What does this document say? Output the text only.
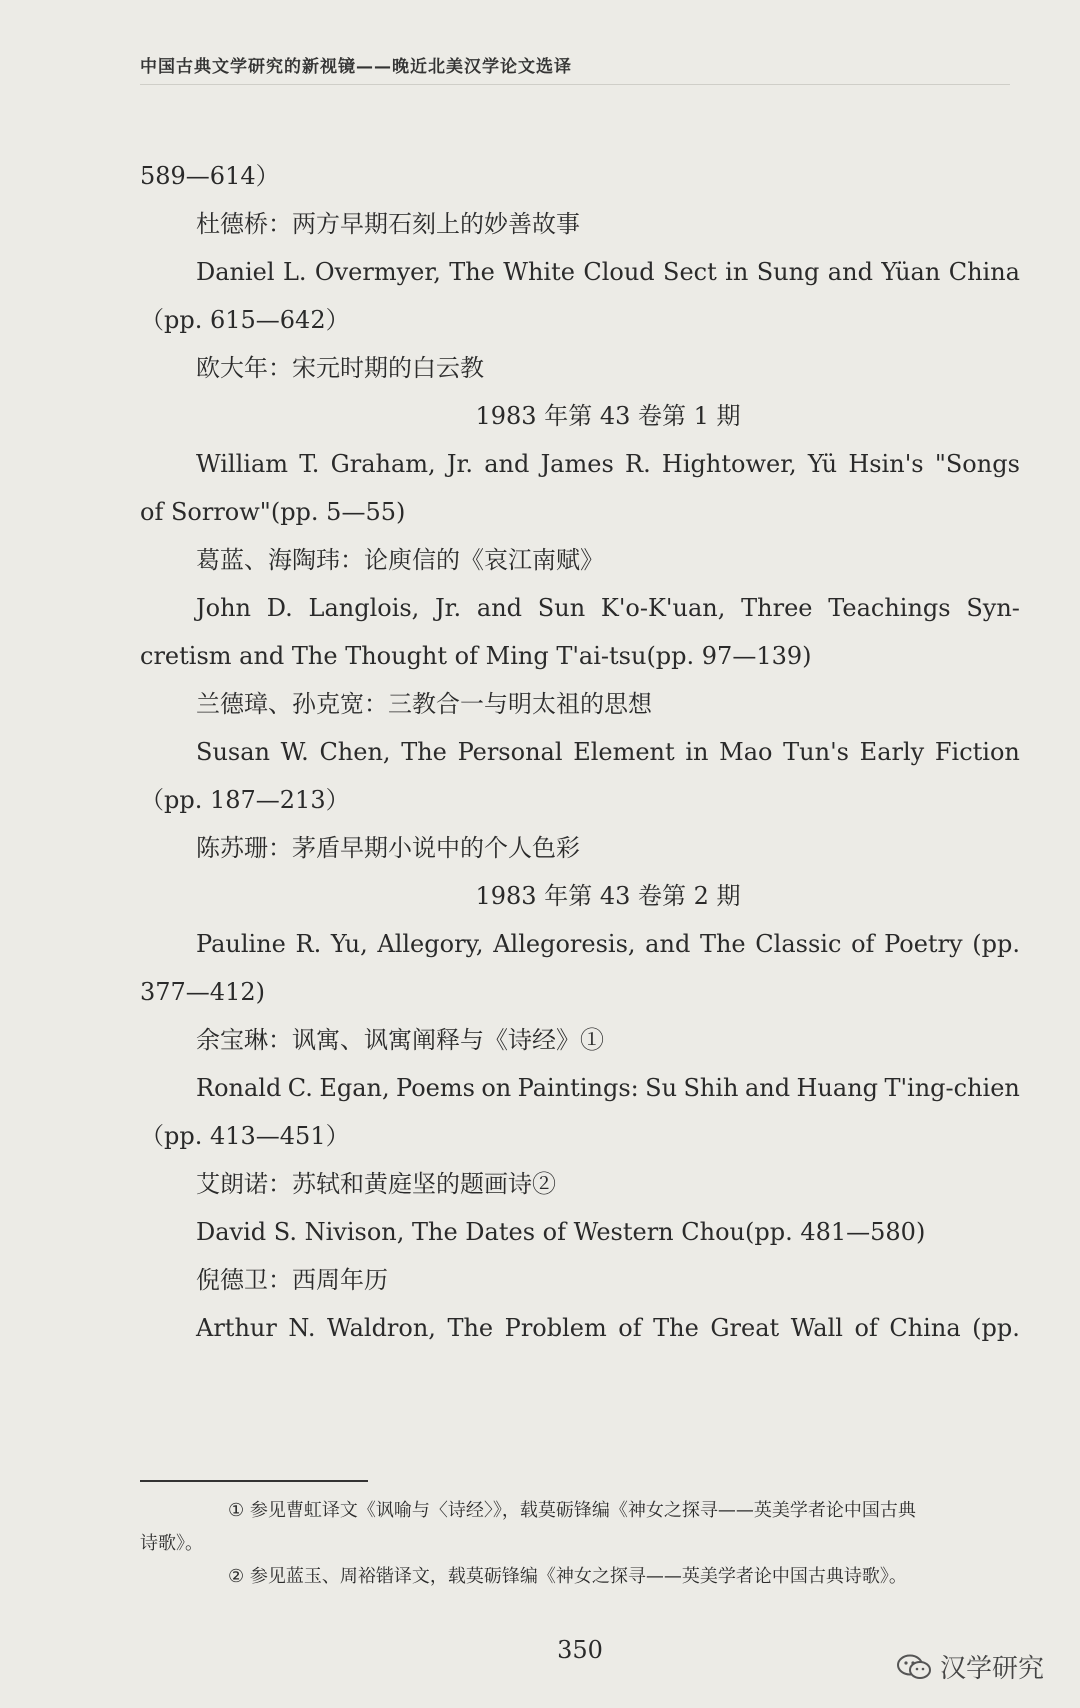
中国古典文学研究的新视镜——晚近北美汉学论文选译

589—614）

杜德桥：两方早期石刻上的妙善故事

Daniel L. Overmyer, The White Cloud Sect in Sung and Yüan China

（pp. 615—642）

欧大年：宋元时期的白云教

1983 年第 43 卷第 1 期

William T. Graham, Jr. and James R. Hightower, Yü Hsin's "Songs

of Sorrow"(pp. 5—55)

葛蓝、海陶玮：论庾信的《哀江南赋》

John D. Langlois, Jr. and Sun K'o-K'uan, Three Teachings Syn-

cretism and The Thought of Ming T'ai-tsu(pp. 97—139)

兰德璋、孙克宽：三教合一与明太祖的思想

Susan W. Chen, The Personal Element in Mao Tun's Early Fiction

（pp. 187—213）

陈苏珊：茅盾早期小说中的个人色彩

1983 年第 43 卷第 2 期

Pauline R. Yu, Allegory, Allegoresis, and The Classic of Poetry (pp.

377—412)

余宝琳：讽寓、讽寓阐释与《诗经》①

Ronald C. Egan, Poems on Paintings: Su Shih and Huang T'ing-chien

（pp. 413—451）

艾朗诺：苏轼和黄庭坚的题画诗②

David S. Nivison, The Dates of Western Chou(pp. 481—580)

倪德卫：西周年历

Arthur N. Waldron, The Problem of The Great Wall of China (pp.

① 参见曹虹译文《讽喻与〈诗经〉》，载莫砺锋编《神女之探寻——英美学者论中国古典

诗歌》。

② 参见蓝玉、周裕锴译文，载莫砺锋编《神女之探寻——英美学者论中国古典诗歌》。

350
汉学研究
